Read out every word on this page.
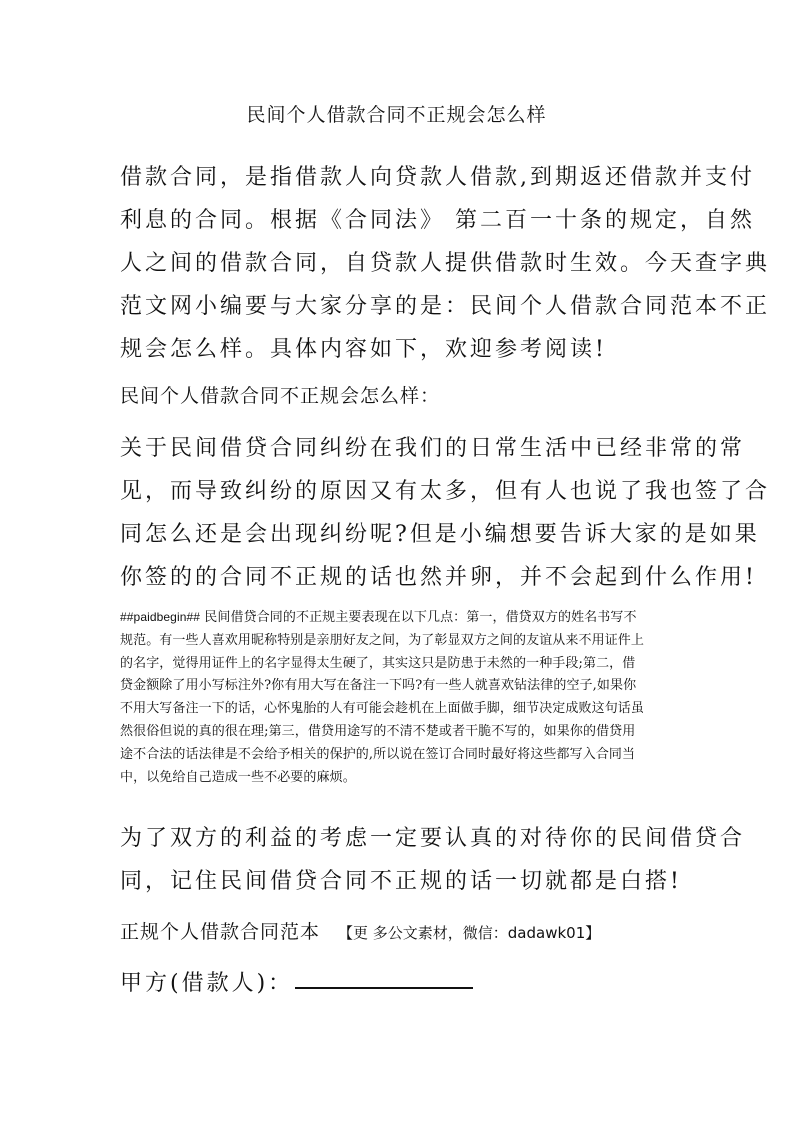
民间个人借款合同不正规会怎么样
借款合同，是指借款人向贷款人借款,到期返还借款并支付
利息的合同。根据《合同法》 第二百一十条的规定，自然
人之间的借款合同，自贷款人提供借款时生效。今天查字典
范文网小编要与大家分享的是：民间个人借款合同范本不正
规会怎么样。具体内容如下，欢迎参考阅读!
民间个人借款合同不正规会怎么样：
关于民间借贷合同纠纷在我们的日常生活中已经非常的常
见，而导致纠纷的原因又有太多，但有人也说了我也签了合
同怎么还是会出现纠纷呢?但是小编想要告诉大家的是如果
你签的的合同不正规的话也然并卵，并不会起到什么作用!
##paidbegin## 民间借贷合同的不正规主要表现在以下几点：第一，借贷双方的姓名书写不
规范。有一些人喜欢用昵称特别是亲朋好友之间，为了彰显双方之间的友谊从来不用证件上
的名字，觉得用证件上的名字显得太生硬了，其实这只是防患于未然的一种手段;第二，借
贷金额除了用小写标注外?你有用大写在备注一下吗?有一些人就喜欢钻法律的空子,如果你
不用大写备注一下的话，心怀鬼胎的人有可能会趁机在上面做手脚，细节决定成败这句话虽
然很俗但说的真的很在理;第三，借贷用途写的不清不楚或者干脆不写的，如果你的借贷用
途不合法的话法律是不会给予相关的保护的,所以说在签订合同时最好将这些都写入合同当
中，以免给自己造成一些不必要的麻烦。
为了双方的利益的考虑一定要认真的对待你的民间借贷合
同，记住民间借贷合同不正规的话一切就都是白搭!
正规个人借款合同范本 【更 多公文素材，微信：dadawk01】
甲方(借款人)：
